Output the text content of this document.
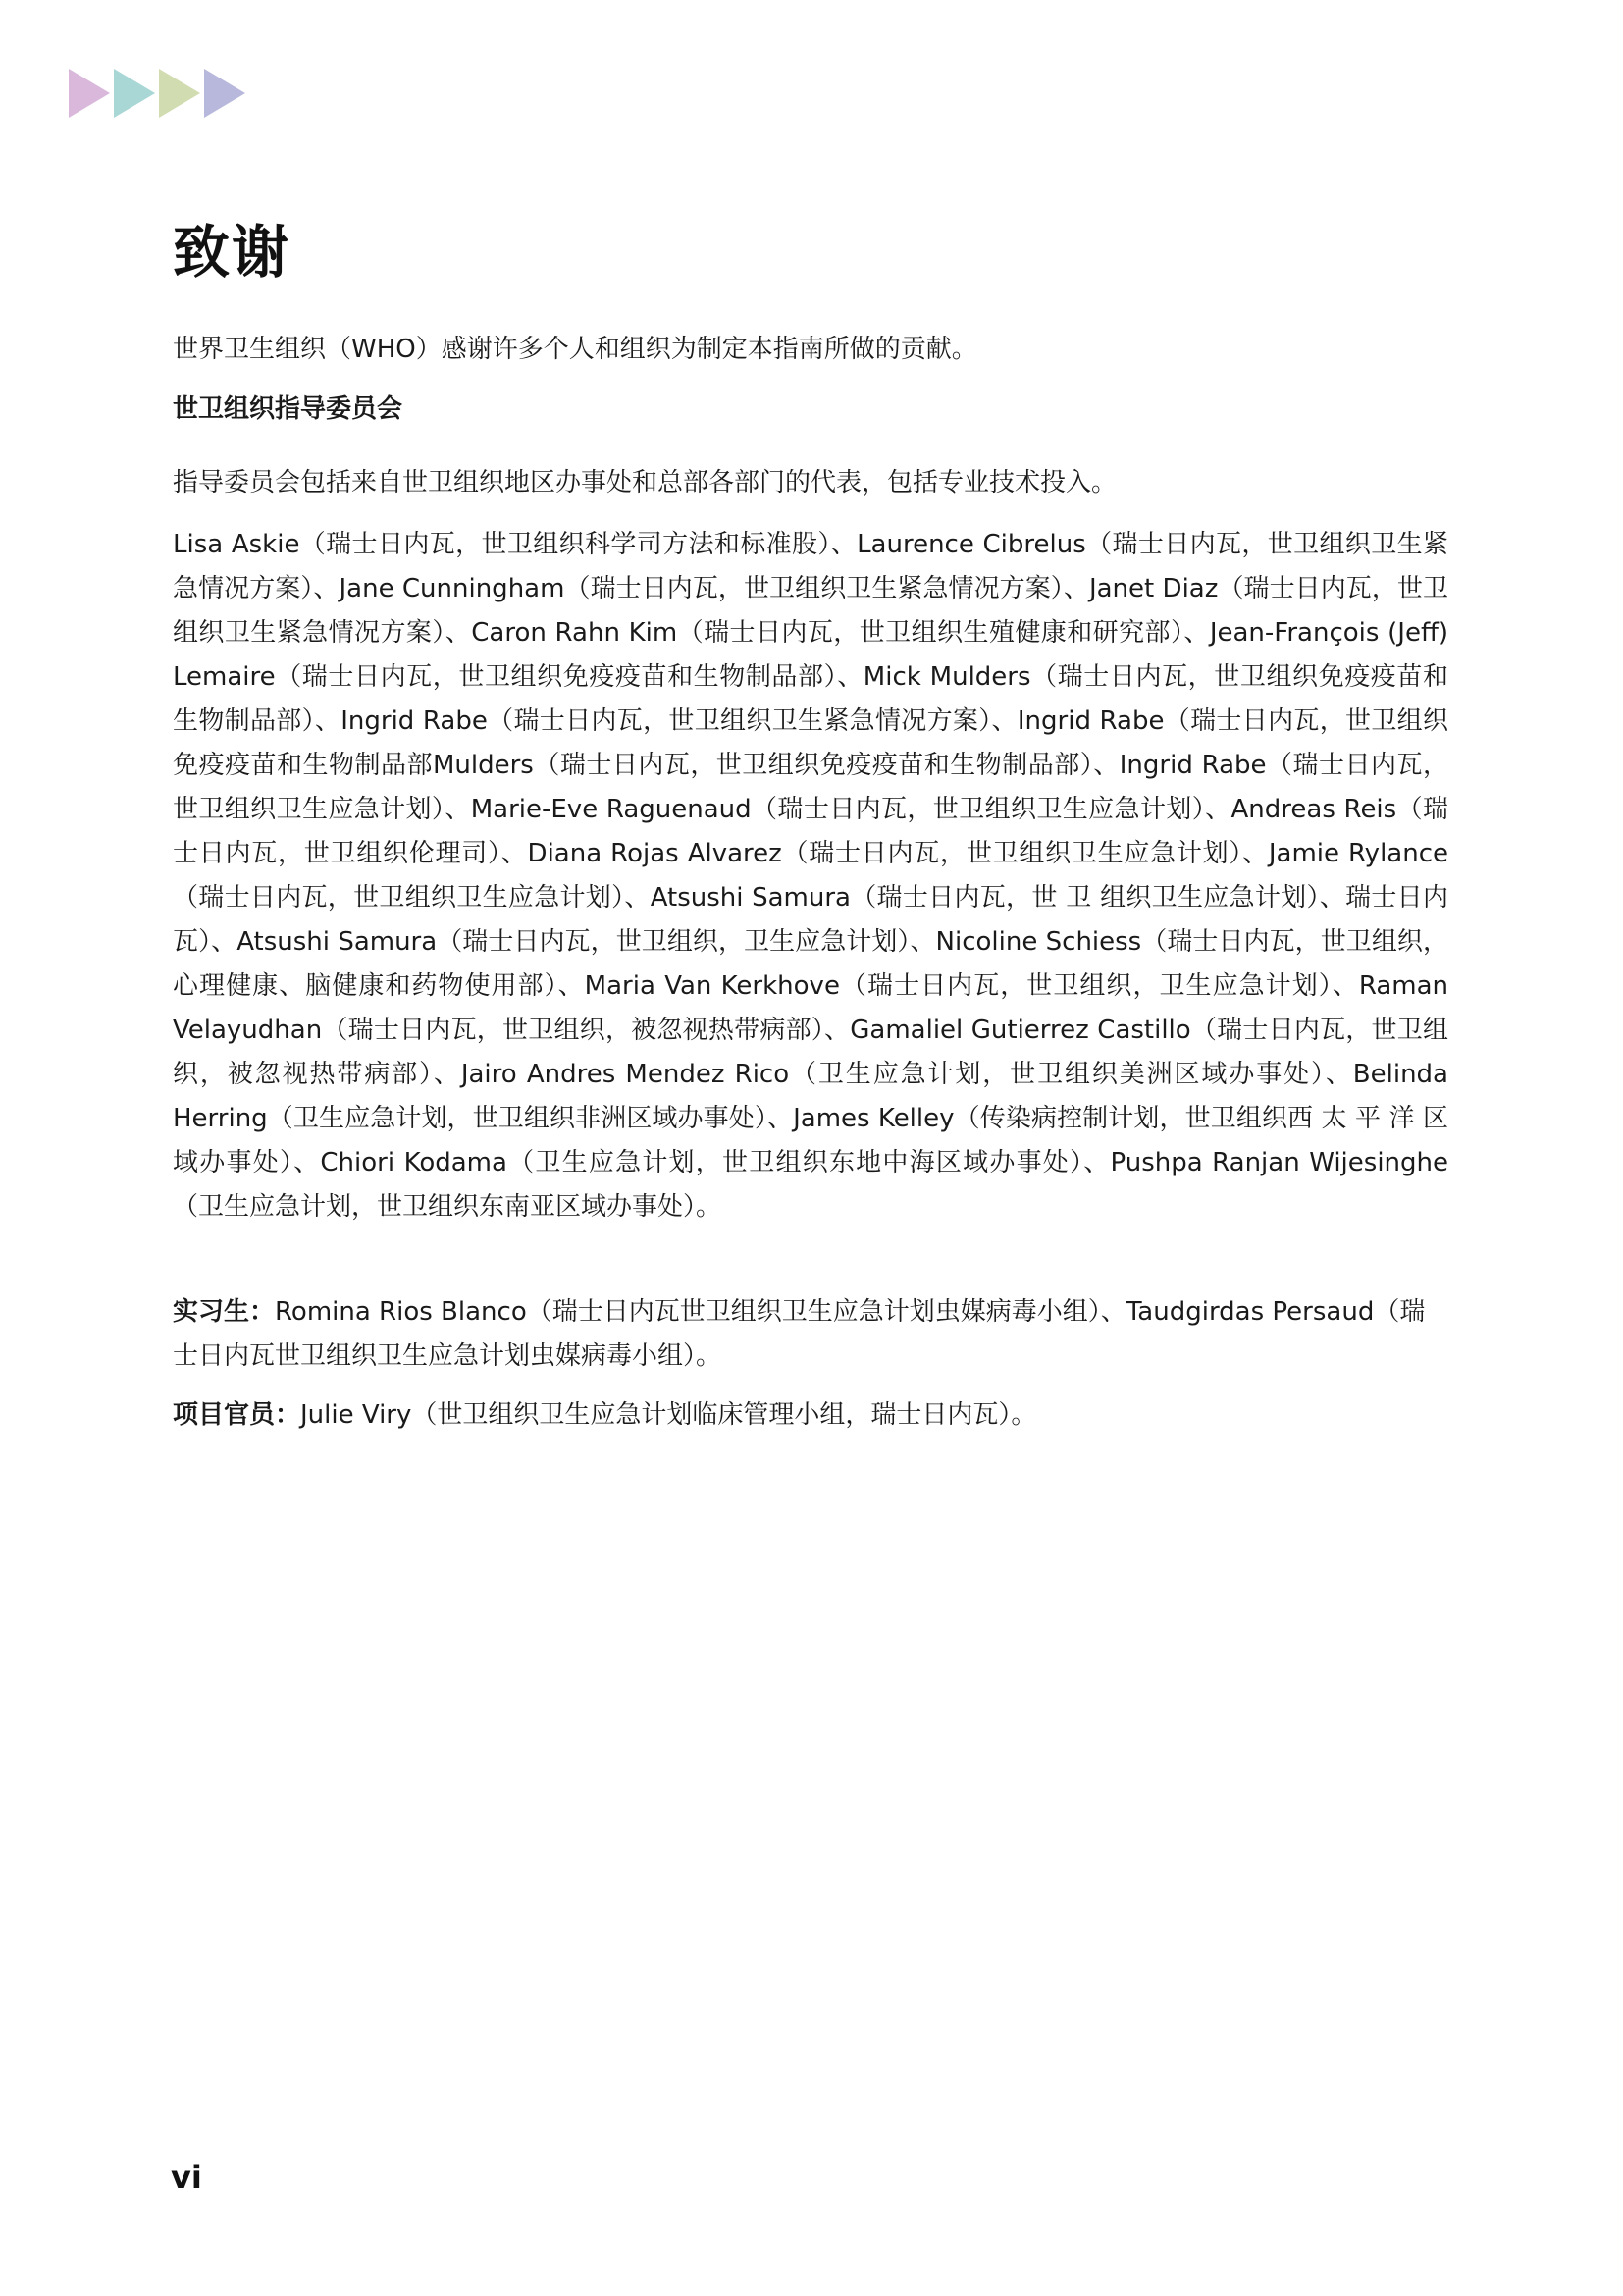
致谢

世界卫生组织（WHO）感谢许多个人和组织为制定本指南所做的贡献。

世卫组织指导委员会

指导委员会包括来自世卫组织地区办事处和总部各部门的代表，包括专业技术投入。

Lisa Askie（瑞士日内瓦，世卫组织科学司方法和标准股）、Laurence Cibrelus（瑞士日内瓦，世卫组织卫生紧急情况方案）、Jane Cunningham（瑞士日内瓦，世卫组织卫生紧急情况方案）、Janet Diaz（瑞士日内瓦，世卫组织卫生紧急情况方案）、Caron Rahn Kim（瑞士日内瓦，世卫组织生殖健康和研究部）、Jean-François (Jeff) Lemaire（瑞士日内瓦，世卫组织免疫疫苗和生物制品部）、Mick Mulders（瑞士日内瓦，世卫组织免疫疫苗和生物制品部）、Ingrid Rabe（瑞士日内瓦，世卫组织卫生紧急情况方案）、Ingrid Rabe（瑞士日内瓦，世卫组织免疫疫苗和生物制品部Mulders（瑞士日内瓦，世卫组织免疫疫苗和生物制品部）、Ingrid Rabe（瑞士日内瓦，世卫组织卫生应急计划）、Marie-Eve Raguenaud（瑞士日内瓦，世卫组织卫生应急计划）、Andreas Reis（瑞士日内瓦，世卫组织伦理司）、Diana Rojas Alvarez（瑞士日内瓦，世卫组织卫生应急计划）、Jamie Rylance（瑞士日内瓦，世卫组织卫生应急计划）、Atsushi Samura（瑞士日内瓦，世 卫 组织卫生应急计划）、瑞士日内瓦）、Atsushi Samura（瑞士日内瓦，世卫组织，卫生应急计划）、Nicoline Schiess（瑞士日内瓦，世卫组织，心理健康、脑健康和药物使用部）、Maria Van Kerkhove（瑞士日内瓦，世卫组织，卫生应急计划）、Raman Velayudhan（瑞士日内瓦，世卫组织，被忽视热带病部）、Gamaliel Gutierrez Castillo（瑞士日内瓦，世卫组织，被忽视热带病部）、Jairo Andres Mendez Rico（卫生应急计划，世卫组织美洲区域办事处）、Belinda Herring（卫生应急计划，世卫组织非洲区域办事处）、James Kelley（传染病控制计划，世卫组织西 太 平 洋 区域办事处）、Chiori Kodama（卫生应急计划，世卫组织东地中海区域办事处）、Pushpa Ranjan Wijesinghe（卫生应急计划，世卫组织东南亚区域办事处）。

实习生：Romina Rios Blanco（瑞士日内瓦世卫组织卫生应急计划虫媒病毒小组）、Taudgirdas Persaud（瑞士日内瓦世卫组织卫生应急计划虫媒病毒小组）。

项目官员：Julie Viry（世卫组织卫生应急计划临床管理小组，瑞士日内瓦）。

vi
